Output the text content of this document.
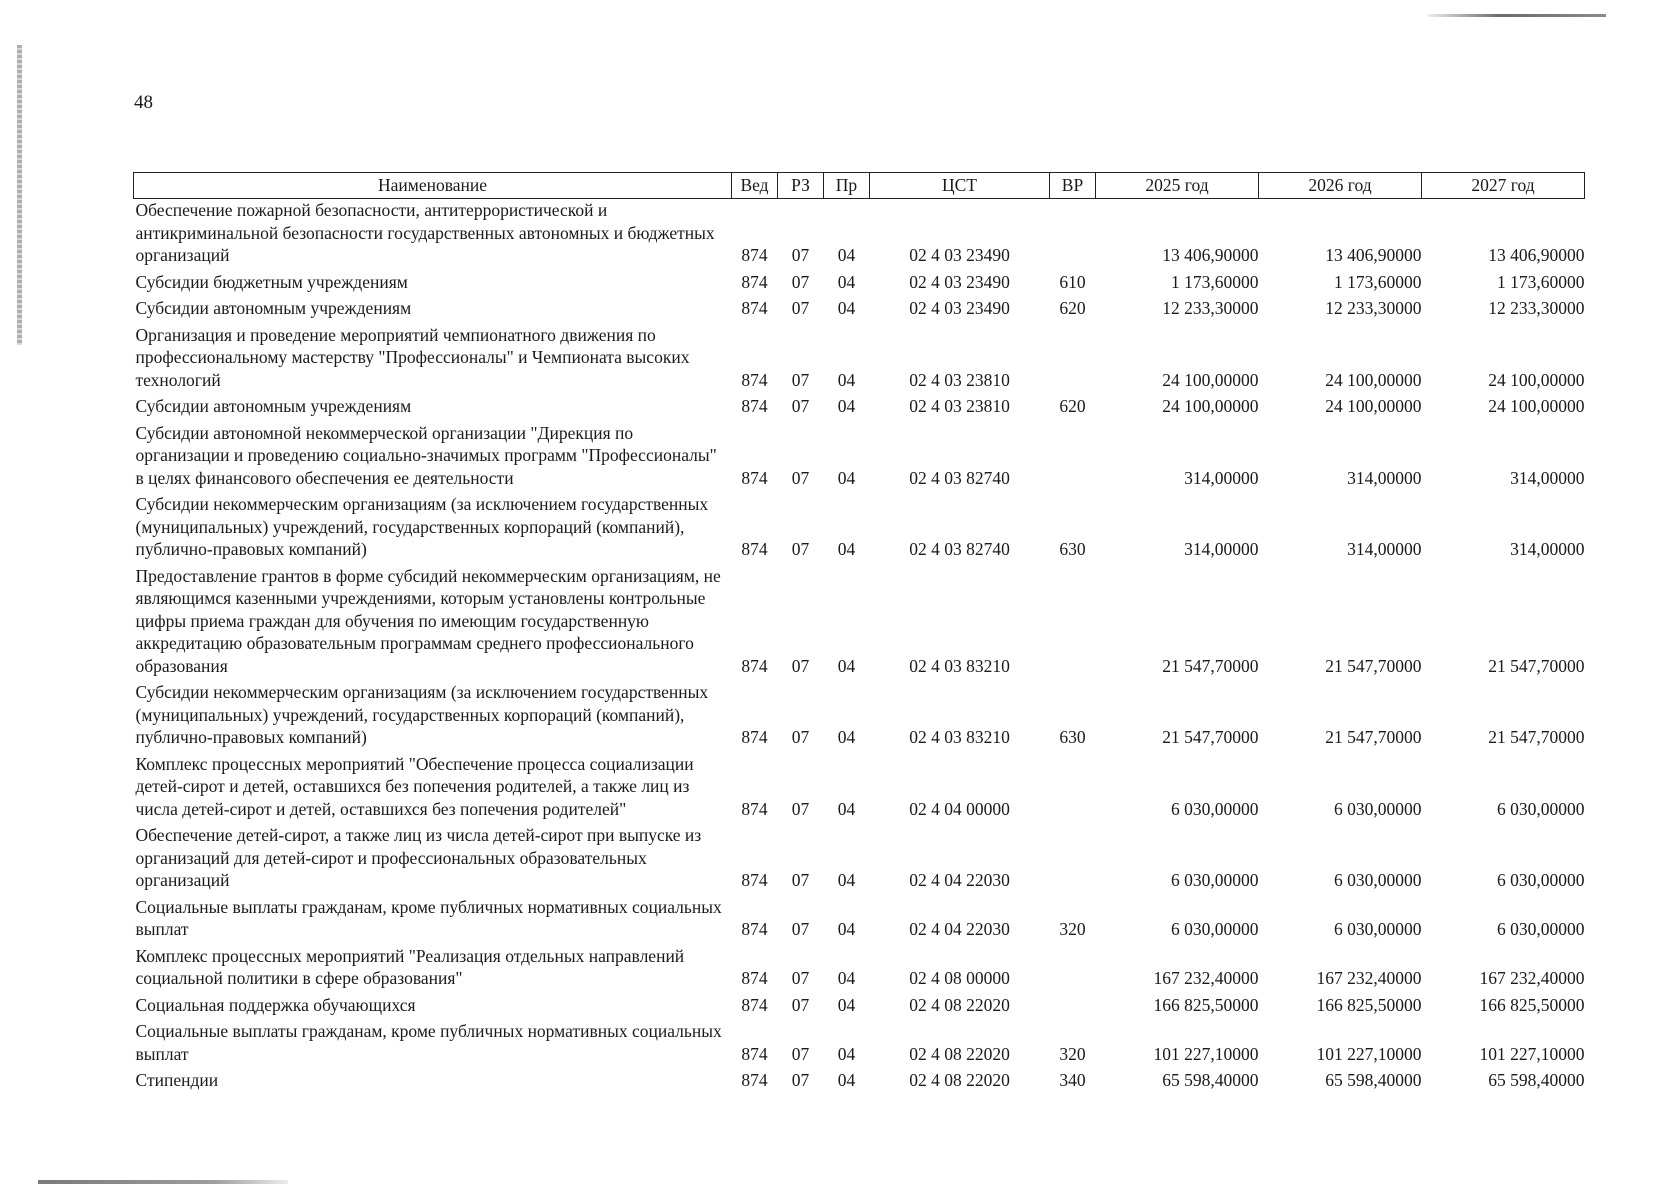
48
Наименование	Вед	РЗ	Пр	ЦСТ	ВР	2025 год	2026 год	2027 год
Обеспечение пожарной безопасности, антитеррористической и антикриминальной безопасности государственных автономных и бюджетных организаций	874	07	04	02 4 03 23490		13 406,90000	13 406,90000	13 406,90000
Субсидии бюджетным учреждениям	874	07	04	02 4 03 23490	610	1 173,60000	1 173,60000	1 173,60000
Субсидии автономным учреждениям	874	07	04	02 4 03 23490	620	12 233,30000	12 233,30000	12 233,30000
Организация и проведение мероприятий чемпионатного движения по профессиональному мастерству "Профессионалы" и Чемпионата высоких технологий	874	07	04	02 4 03 23810		24 100,00000	24 100,00000	24 100,00000
Субсидии автономным учреждениям	874	07	04	02 4 03 23810	620	24 100,00000	24 100,00000	24 100,00000
Субсидии автономной некоммерческой организации "Дирекция по организации и проведению социально-значимых программ "Профессионалы" в целях финансового обеспечения ее деятельности	874	07	04	02 4 03 82740		314,00000	314,00000	314,00000
Субсидии некоммерческим организациям (за исключением государственных (муниципальных) учреждений, государственных корпораций (компаний), публично-правовых компаний)	874	07	04	02 4 03 82740	630	314,00000	314,00000	314,00000
Предоставление грантов в форме субсидий некоммерческим организациям, не являющимся казенными учреждениями, которым установлены контрольные цифры приема граждан для обучения по имеющим государственную аккредитацию образовательным программам среднего профессионального образования	874	07	04	02 4 03 83210		21 547,70000	21 547,70000	21 547,70000
Субсидии некоммерческим организациям (за исключением государственных (муниципальных) учреждений, государственных корпораций (компаний), публично-правовых компаний)	874	07	04	02 4 03 83210	630	21 547,70000	21 547,70000	21 547,70000
Комплекс процессных мероприятий "Обеспечение процесса социализации детей-сирот и детей, оставшихся без попечения родителей, а также лиц из числа детей-сирот и детей, оставшихся без попечения родителей"	874	07	04	02 4 04 00000		6 030,00000	6 030,00000	6 030,00000
Обеспечение детей-сирот, а также лиц из числа детей-сирот при выпуске из организаций для детей-сирот и профессиональных образовательных организаций	874	07	04	02 4 04 22030		6 030,00000	6 030,00000	6 030,00000
Социальные выплаты гражданам, кроме публичных нормативных социальных выплат	874	07	04	02 4 04 22030	320	6 030,00000	6 030,00000	6 030,00000
Комплекс процессных мероприятий "Реализация отдельных направлений социальной политики в сфере образования"	874	07	04	02 4 08 00000		167 232,40000	167 232,40000	167 232,40000
Социальная поддержка обучающихся	874	07	04	02 4 08 22020		166 825,50000	166 825,50000	166 825,50000
Социальные выплаты гражданам, кроме публичных нормативных социальных выплат	874	07	04	02 4 08 22020	320	101 227,10000	101 227,10000	101 227,10000
Стипендии	874	07	04	02 4 08 22020	340	65 598,40000	65 598,40000	65 598,40000
